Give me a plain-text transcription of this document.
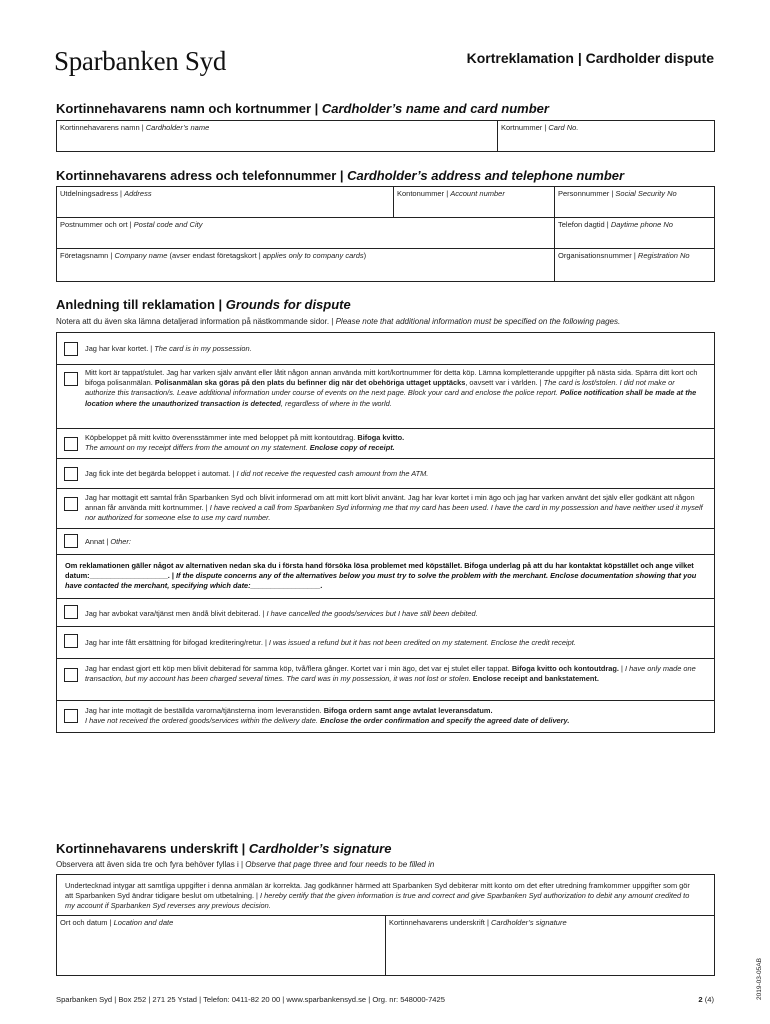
Sparbanken Syd	Kortreklamation | Cardholder dispute
Kortinnehavarens namn och kortnummer | Cardholder’s name and card number
Kortinnehavarens namn | Cardholder’s name	Kortnummer | Card No.
Kortinnehavarens adress och telefonnummer | Cardholder’s address and telephone number
Utdelningsadress | Address	Kontonummer | Account number	Personnummer | Social Security No
Postnummer och ort | Postal code and City	Telefon dagtid | Daytime phone No
Företagsnamn | Company name (avser endast företagskort | applies only to company cards)	Organisationsnummer | Registration No
Anledning till reklamation | Grounds for dispute
Notera att du även ska lämna detaljerad information på nästkommande sidor. | Please note that additional information must be specified on the following pages.
Jag har kvar kortet. | The card is in my possession.
Mitt kort är tappat/stulet. Jag har varken själv använt eller låtit någon annan använda mitt kort/kortnummer för detta köp. Lämna kompletterande uppgifter på nästa sida. Spärra ditt kort och bifoga polisanmälan. Polisanmälan ska göras på den plats du befinner dig när det obehöriga uttaget upptäcks, oavsett var i världen. | The card is lost/stolen. I did not make or authorize this transaction/s. Leave additional information under course of events on the next page. Block your card and enclose the police report. Police notification shall be made at the location where the unauthorized transaction is detected, regardless of where in the world.
Köpbeloppet på mitt kvitto överensstämmer inte med beloppet på mitt kontoutdrag. Bifoga kvitto.
The amount on my receipt differs from the amount on my statement. Enclose copy of receipt.
Jag fick inte det begärda beloppet i automat. | I did not receive the requested cash amount from the ATM.
Jag har mottagit ett samtal från Sparbanken Syd och blivit informerad om att mitt kort blivit använt. Jag har kvar kortet i min ägo och jag har varken använt det själv eller godkänt att någon annan får använda mitt kortnummer. | I have recived a call from Sparbanken Syd informing me that my card has been used. I have the card in my possession and have neither used it myself nor authorized for someone else to use my card number.
Annat | Other:
Om reklamationen gäller något av alternativen nedan ska du i första hand försöka lösa problemet med köpstället. Bifoga underlag på att du har kontaktat köpstället och ange vilket datum:___________________. | If the dispute concerns any of the alternatives below you must try to solve the problem with the merchant. Enclose documentation showing that you have contacted the merchant, specifying which date:_________________.
Jag har avbokat vara/tjänst men ändå blivit debiterad. | I have cancelled the goods/services but I have still been debited.
Jag har inte fått ersättning för bifogad kreditering/retur. | I was issued a refund but it has not been credited on my statement. Enclose the credit receipt.
Jag har endast gjort ett köp men blivit debiterad för samma köp, två/flera gånger. Kortet var i min ägo, det var ej stulet eller tappat. Bifoga kvitto och kontoutdrag. | I have only made one transaction, but my account has been charged several times. The card was in my possession, it was not lost or stolen. Enclose receipt and bankstatement.
Jag har inte mottagit de beställda varorna/tjänsterna inom leveranstiden. Bifoga ordern samt ange avtalat leveransdatum.
I have not received the ordered goods/services within the delivery date. Enclose the order confirmation and specify the agreed date of delivery.
Kortinnehavarens underskrift | Cardholder’s signature
Observera att även sida tre och fyra behöver fyllas i | Observe that page three and four needs to be filled in
Undertecknad intygar att samtliga uppgifter i denna anmälan är korrekta. Jag godkänner härmed att Sparbanken Syd debiterar mitt konto om det efter utredning framkommer uppgifter som gör att Sparbanken Syd ändrar tidigare beslut om utbetalning. | I hereby certify that the given information is true and correct and give Sparbanken Syd authorization to debit any amount credited to my account if Sparbanken Syd reverses any previous decision.
Ort och datum | Location and date	Kortinnehavarens underskrift | Cardholder’s signature
Sparbanken Syd | Box 252 | 271 25 Ystad | Telefon: 0411-82 20 00 | www.sparbankensyd.se | Org. nr: 548000-7425	2 (4)	2019-03-05AB
